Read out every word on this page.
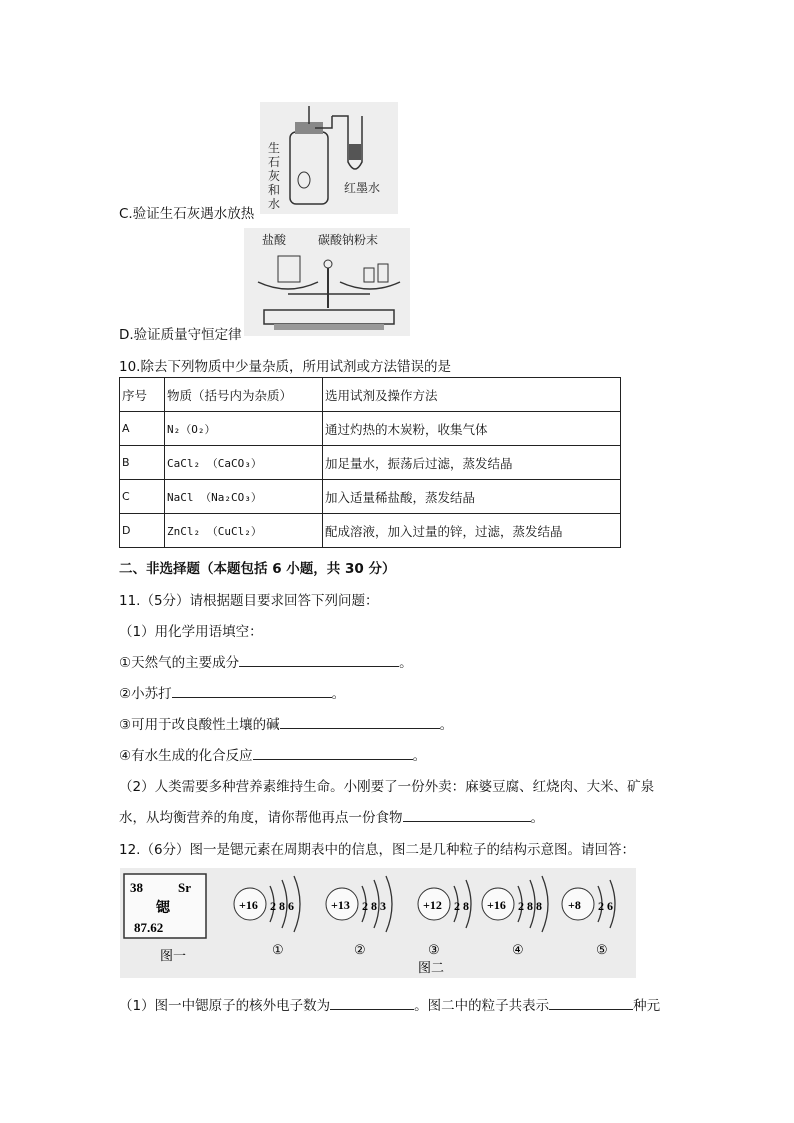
生石灰和水
红墨水
C.验证生石灰遇水放热
盐酸	碳酸钠粉末
D.验证质量守恒定律
10.除去下列物质中少量杂质，所用试剂或方法错误的是
序号	物质（括号内为杂质）	选用试剂及操作方法
A	N₂（O₂）	通过灼热的木炭粉，收集气体
B	CaCl₂ （CaCO₃）	加足量水，振荡后过滤，蒸发结晶
C	NaCl （Na₂CO₃）	加入适量稀盐酸，蒸发结晶
D	ZnCl₂ （CuCl₂）	配成溶液，加入过量的锌，过滤，蒸发结晶
二、非选择题（本题包括 6 小题，共 30 分）
11.（5分）请根据题目要求回答下列问题：
（1）用化学用语填空：
①天然气的主要成分	。
②小苏打	。
③可用于改良酸性土壤的碱	。
④有水生成的化合反应	。
（2）人类需要多种营养素维持生命。小刚要了一份外卖：麻婆豆腐、红烧肉、大米、矿泉
水，从均衡营养的角度，请你帮他再点一份食物	。
12.（6分）图一是锶元素在周期表中的信息，图二是几种粒子的结构示意图。请回答：
38	Sr
锶
87.62
图一
+16 2 8 6
①
+13 2 8 3
②
+12 2 8
③
+16 2 8 8
④
+8 2 6
⑤
图二
（1）图一中锶原子的核外电子数为	。图二中的粒子共表示	种元
